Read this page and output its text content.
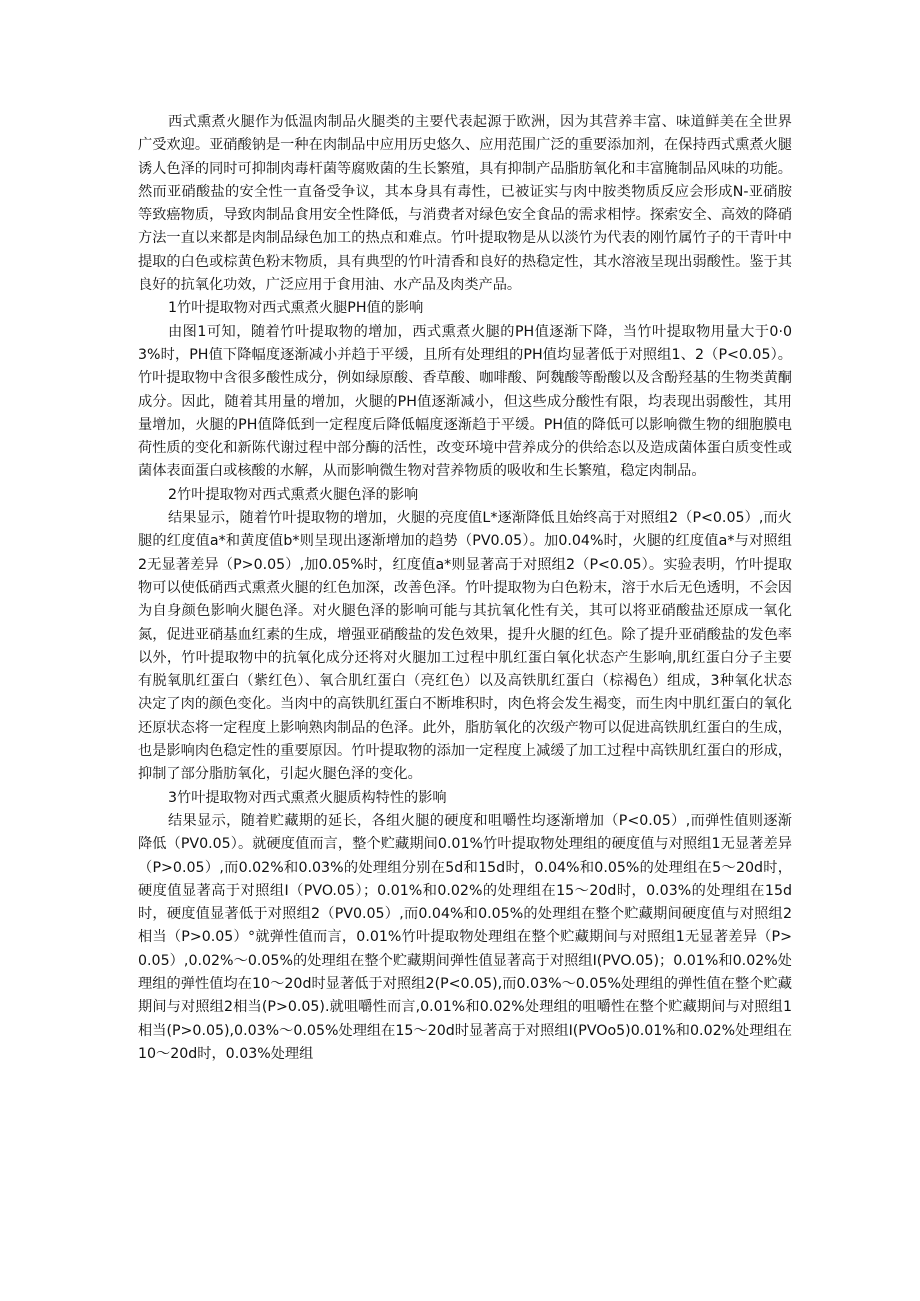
西式熏煮火腿作为低温肉制品火腿类的主要代表起源于欧洲，因为其营养丰富、味道鲜美在全世界广受欢迎。亚硝酸钠是一种在肉制品中应用历史悠久、应用范围广泛的重要添加剂，在保持西式熏煮火腿诱人色泽的同时可抑制肉毒杆菌等腐败菌的生长繁殖，具有抑制产品脂肪氧化和丰富腌制品风味的功能。然而亚硝酸盐的安全性一直备受争议，其本身具有毒性，已被证实与肉中胺类物质反应会形成N-亚硝胺等致癌物质，导致肉制品食用安全性降低，与消费者对绿色安全食品的需求相悖。探索安全、高效的降硝方法一直以来都是肉制品绿色加工的热点和难点。竹叶提取物是从以淡竹为代表的刚竹属竹子的干青叶中提取的白色或棕黄色粉末物质，具有典型的竹叶清香和良好的热稳定性，其水溶液呈现出弱酸性。鉴于其良好的抗氧化功效，广泛应用于食用油、水产品及肉类产品。

1竹叶提取物对西式熏煮火腿PH值的影响

由图1可知，随着竹叶提取物的增加，西式熏煮火腿的PH值逐渐下降，当竹叶提取物用量大于0·03%时，PH值下降幅度逐渐减小并趋于平缓，且所有处理组的PH值均显著低于对照组1、2（P<0.05）。竹叶提取物中含很多酸性成分，例如绿原酸、香草酸、咖啡酸、阿魏酸等酚酸以及含酚羟基的生物类黄酮成分。因此，随着其用量的增加，火腿的PH值逐渐减小，但这些成分酸性有限，均表现出弱酸性，其用量增加，火腿的PH值降低到一定程度后降低幅度逐渐趋于平缓。PH值的降低可以影响微生物的细胞膜电荷性质的变化和新陈代谢过程中部分酶的活性，改变环境中营养成分的供给态以及造成菌体蛋白质变性或菌体表面蛋白或核酸的水解，从而影响微生物对营养物质的吸收和生长繁殖，稳定肉制品。

2竹叶提取物对西式熏煮火腿色泽的影响

结果显示，随着竹叶提取物的增加，火腿的亮度值L*逐渐降低且始终高于对照组2（P<0.05）,而火腿的红度值a*和黄度值b*则呈现出逐渐增加的趋势（PV0.05）。加0.04%时，火腿的红度值a*与对照组2无显著差异（P>0.05）,加0.05%时，红度值a*则显著高于对照组2（P<0.05）。实验表明，竹叶提取物可以使低硝西式熏煮火腿的红色加深，改善色泽。竹叶提取物为白色粉末，溶于水后无色透明，不会因为自身颜色影响火腿色泽。对火腿色泽的影响可能与其抗氧化性有关，其可以将亚硝酸盐还原成一氧化氮，促进亚硝基血红素的生成，增强亚硝酸盐的发色效果，提升火腿的红色。除了提升亚硝酸盐的发色率以外，竹叶提取物中的抗氧化成分还将对火腿加工过程中肌红蛋白氧化状态产生影响,肌红蛋白分子主要有脱氧肌红蛋白（紫红色）、氧合肌红蛋白（亮红色）以及高铁肌红蛋白（棕褐色）组成，3种氧化状态决定了肉的颜色变化。当肉中的高铁肌红蛋白不断堆积时，肉色将会发生褐变，而生肉中肌红蛋白的氧化还原状态将一定程度上影响熟肉制品的色泽。此外，脂肪氧化的次级产物可以促进高铁肌红蛋白的生成，也是影响肉色稳定性的重要原因。竹叶提取物的添加一定程度上减缓了加工过程中高铁肌红蛋白的形成，抑制了部分脂肪氧化，引起火腿色泽的变化。

3竹叶提取物对西式熏煮火腿质构特性的影响

结果显示，随着贮藏期的延长，各组火腿的硬度和咀嚼性均逐渐增加（P<0.05）,而弹性值则逐渐降低（PV0.05）。就硬度值而言，整个贮藏期间0.01%竹叶提取物处理组的硬度值与对照组1无显著差异（P>0.05）,而0.02%和0.03%的处理组分别在5d和15d时，0.04%和0.05%的处理组在5～20d时，硬度值显著高于对照组I（PVO.05）；0.01%和0.02%的处理组在15～20d时，0.03%的处理组在15d时，硬度值显著低于对照组2（PV0.05）,而0.04%和0.05%的处理组在整个贮藏期间硬度值与对照组2相当（P>0.05）°就弹性值而言，0.01%竹叶提取物处理组在整个贮藏期间与对照组1无显著差异（P>0.05）,0.02%～0.05%的处理组在整个贮藏期间弹性值显著高于对照组I(PVO.05)；0.01%和0.02%处理组的弹性值均在10～20d时显著低于对照组2(P<0.05),而0.03%～0.05%处理组的弹性值在整个贮藏期间与对照组2相当(P>0.05).就咀嚼性而言,0.01%和0.02%处理组的咀嚼性在整个贮藏期间与对照组1相当(P>0.05),0.03%～0.05%处理组在15～20d时显著高于对照组I(PVOo5)0.01%和0.02%处理组在10～20d时，0.03%处理组
